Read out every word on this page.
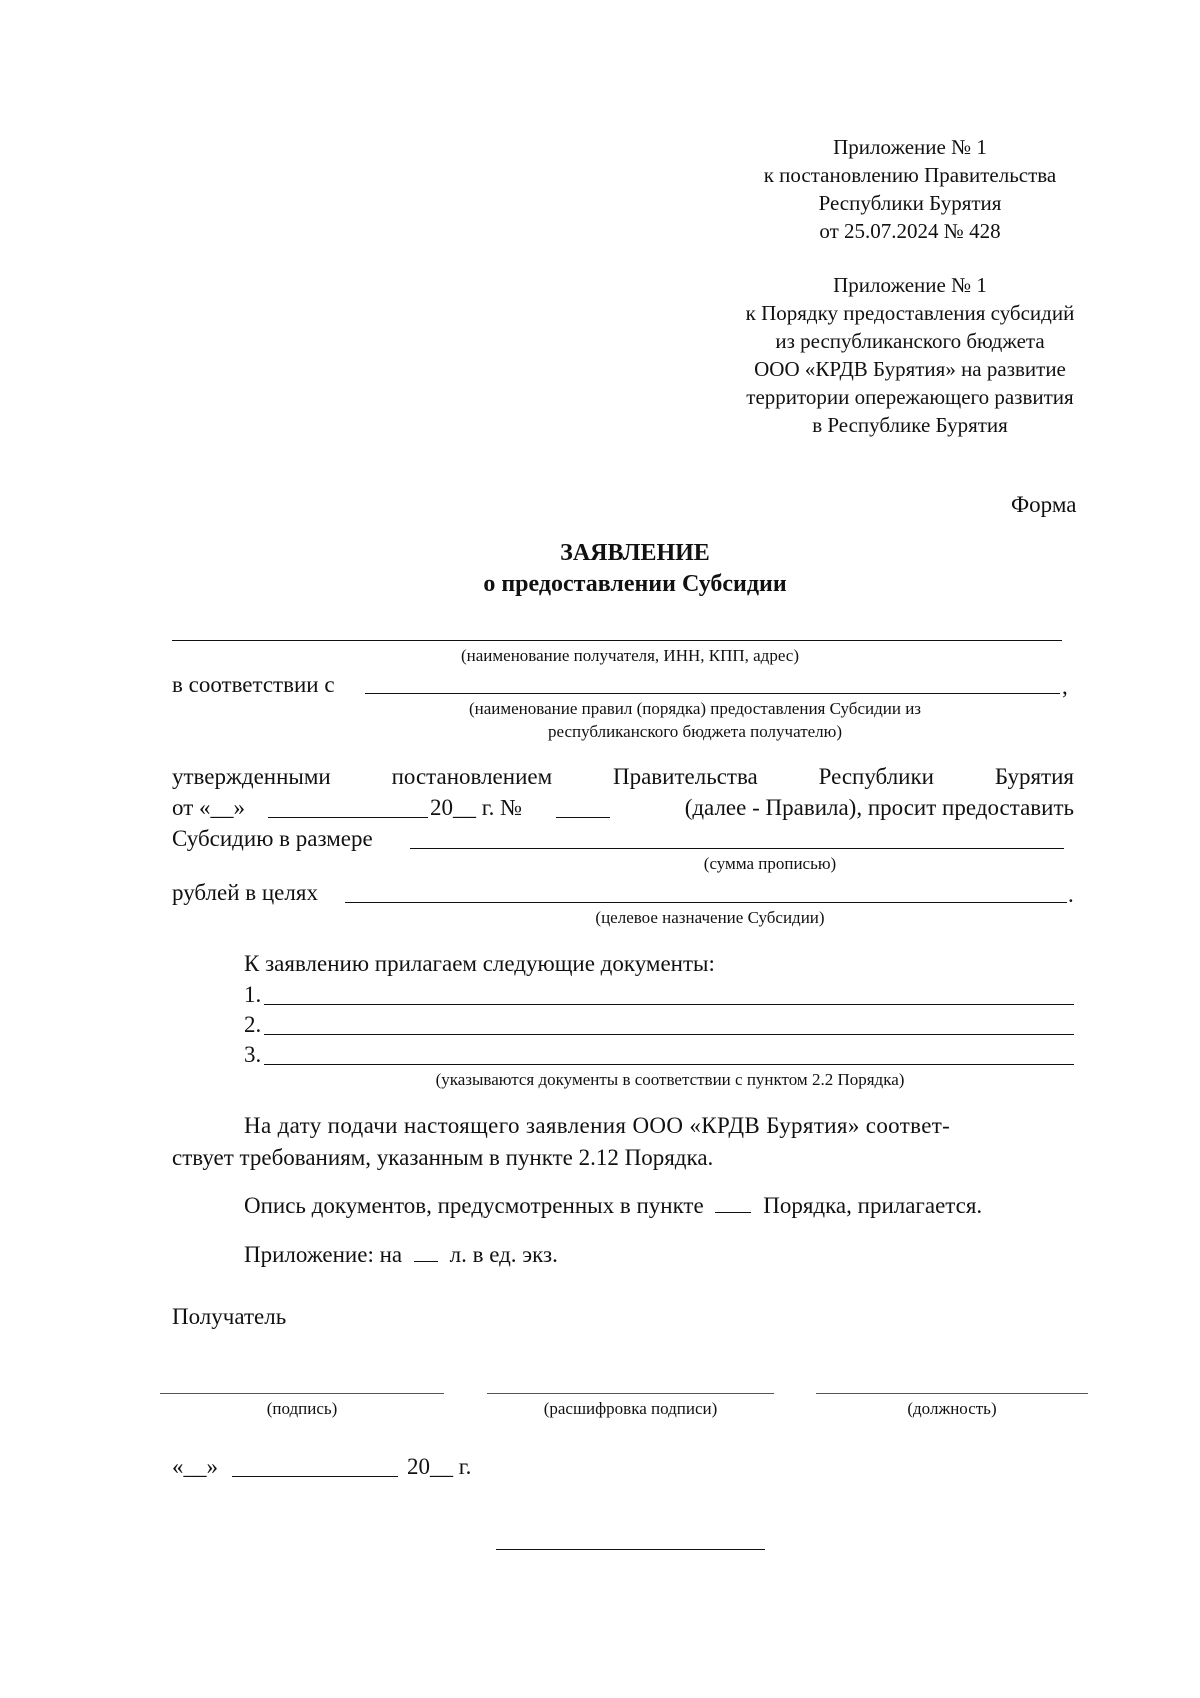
Приложение № 1
к постановлению Правительства
Республики Бурятия
от 25.07.2024 № 428
Приложение № 1
к Порядку предоставления субсидий
из республиканского бюджета
ООО «КРДВ Бурятия» на развитие
территории опережающего развития
в Республике Бурятия
Форма
ЗАЯВЛЕНИЕ
о предоставлении Субсидии
(наименование получателя, ИНН, КПП, адрес)
в соответствии с	,
(наименование правил (порядка) предоставления Субсидии из
республиканского бюджета получателю)
утвержденными	постановлением	Правительства	Республики	Бурятия
от «__»	20__ г. №	(далее - Правила), просит предоставить
Субсидию в размере
(сумма прописью)
рублей в целях	.
(целевое назначение Субсидии)
К заявлению прилагаем следующие документы:
1.
2.
3.
(указываются документы в соответствии с пунктом 2.2 Порядка)
На дату подачи настоящего заявления ООО «КРДВ Бурятия» соответ-
ствует требованиям, указанным в пункте 2.12 Порядка.
Опись документов, предусмотренных в пункте	Порядка, прилагается.
Приложение: на л. в ед. экз.
Получатель
(подпись)	(расшифровка подписи)	(должность)
«__»	20__ г.
